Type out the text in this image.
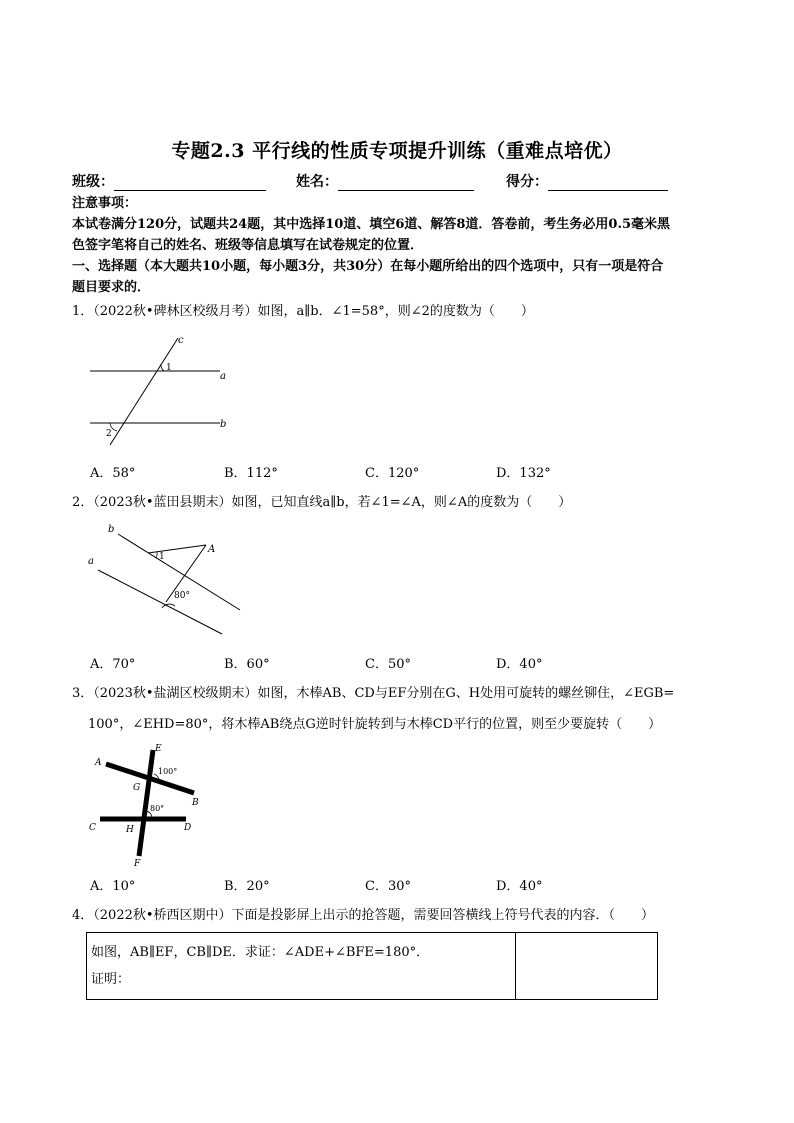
专题2.3 平行线的性质专项提升训练（重难点培优）
班级：	姓名：	得分：
注意事项：
本试卷满分120分，试题共24题，其中选择10道、填空6道、解答8道．答卷前，考生务必用0.5毫米黑
色签字笔将自己的姓名、班级等信息填写在试卷规定的位置．
一、选择题（本大题共10小题，每小题3分，共30分）在每小题所给出的四个选项中，只有一项是符合
题目要求的．
1．（2022秋•碑林区校级月考）如图，a∥b．∠1=58°，则∠2的度数为（　　）
c
a
b
1
2
A．58°	B．112°	C．120°	D．132°
2．（2023秋•蓝田县期末）如图，已知直线a∥b，若∠1=∠A，则∠A的度数为（　　）
b
a
A
1
80°
A．70°	B．60°	C．50°	D．40°
3．（2023秋•盐湖区校级期末）如图，木棒AB、CD与EF分别在G、H处用可旋转的螺丝铆住，∠EGB=
100°，∠EHD=80°，将木棒AB绕点G逆时针旋转到与木棒CD平行的位置，则至少要旋转（　　）
A
B
C	D
E
F
G
H
100°
80°
A．10°	B．20°	C．30°	D．40°
4．（2022秋•桥西区期中）下面是投影屏上出示的抢答题，需要回答横线上符号代表的内容．（　　）
如图，AB∥EF，CB∥DE．求证：∠ADE+∠BFE=180°．
证明：
